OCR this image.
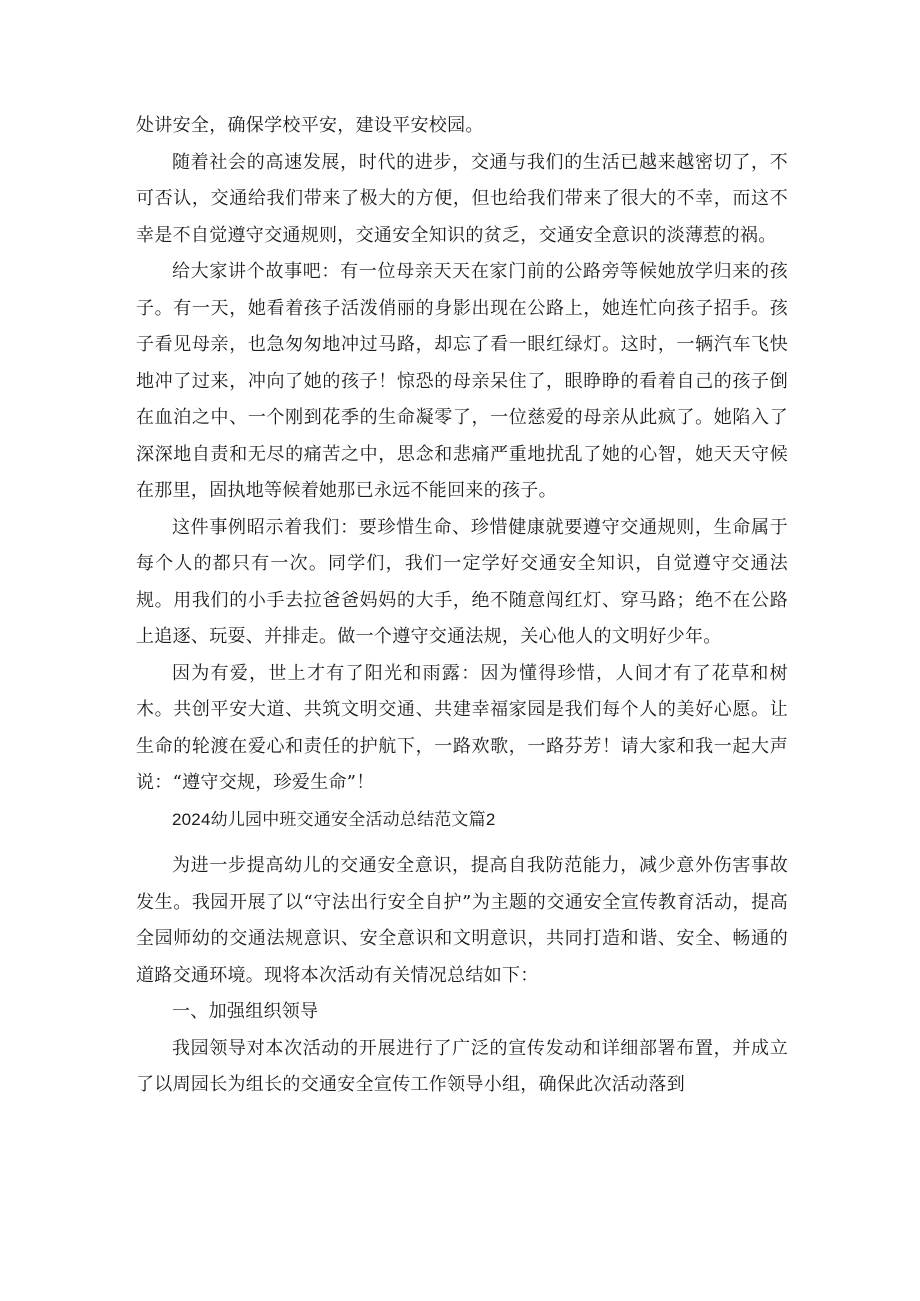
处讲安全，确保学校平安，建设平安校园。

随着社会的高速发展，时代的进步，交通与我们的生活已越来越密切了，不可否认，交通给我们带来了极大的方便，但也给我们带来了很大的不幸，而这不幸是不自觉遵守交通规则，交通安全知识的贫乏，交通安全意识的淡薄惹的祸。

给大家讲个故事吧：有一位母亲天天在家门前的公路旁等候她放学归来的孩子。有一天，她看着孩子活泼俏丽的身影出现在公路上，她连忙向孩子招手。孩子看见母亲，也急匆匆地冲过马路，却忘了看一眼红绿灯。这时，一辆汽车飞快地冲了过来，冲向了她的孩子！惊恐的母亲呆住了，眼睁睁的看着自己的孩子倒在血泊之中、一个刚到花季的生命凝零了，一位慈爱的母亲从此疯了。她陷入了深深地自责和无尽的痛苦之中，思念和悲痛严重地扰乱了她的心智，她天天守候在那里，固执地等候着她那已永远不能回来的孩子。

这件事例昭示着我们：要珍惜生命、珍惜健康就要遵守交通规则，生命属于每个人的都只有一次。同学们，我们一定学好交通安全知识，自觉遵守交通法规。用我们的小手去拉爸爸妈妈的大手，绝不随意闯红灯、穿马路；绝不在公路上追逐、玩耍、并排走。做一个遵守交通法规，关心他人的文明好少年。

因为有爱，世上才有了阳光和雨露：因为懂得珍惜，人间才有了花草和树木。共创平安大道、共筑文明交通、共建幸福家园是我们每个人的美好心愿。让生命的轮渡在爱心和责任的护航下，一路欢歌，一路芬芳！请大家和我一起大声说：“遵守交规，珍爱生命”！

2024幼儿园中班交通安全活动总结范文篇2

为进一步提高幼儿的交通安全意识，提高自我防范能力，减少意外伤害事故发生。我园开展了以“守法出行安全自护”为主题的交通安全宣传教育活动，提高全园师幼的交通法规意识、安全意识和文明意识，共同打造和谐、安全、畅通的道路交通环境。现将本次活动有关情况总结如下：

一、加强组织领导

我园领导对本次活动的开展进行了广泛的宣传发动和详细部署布置，并成立了以周园长为组长的交通安全宣传工作领导小组，确保此次活动落到
